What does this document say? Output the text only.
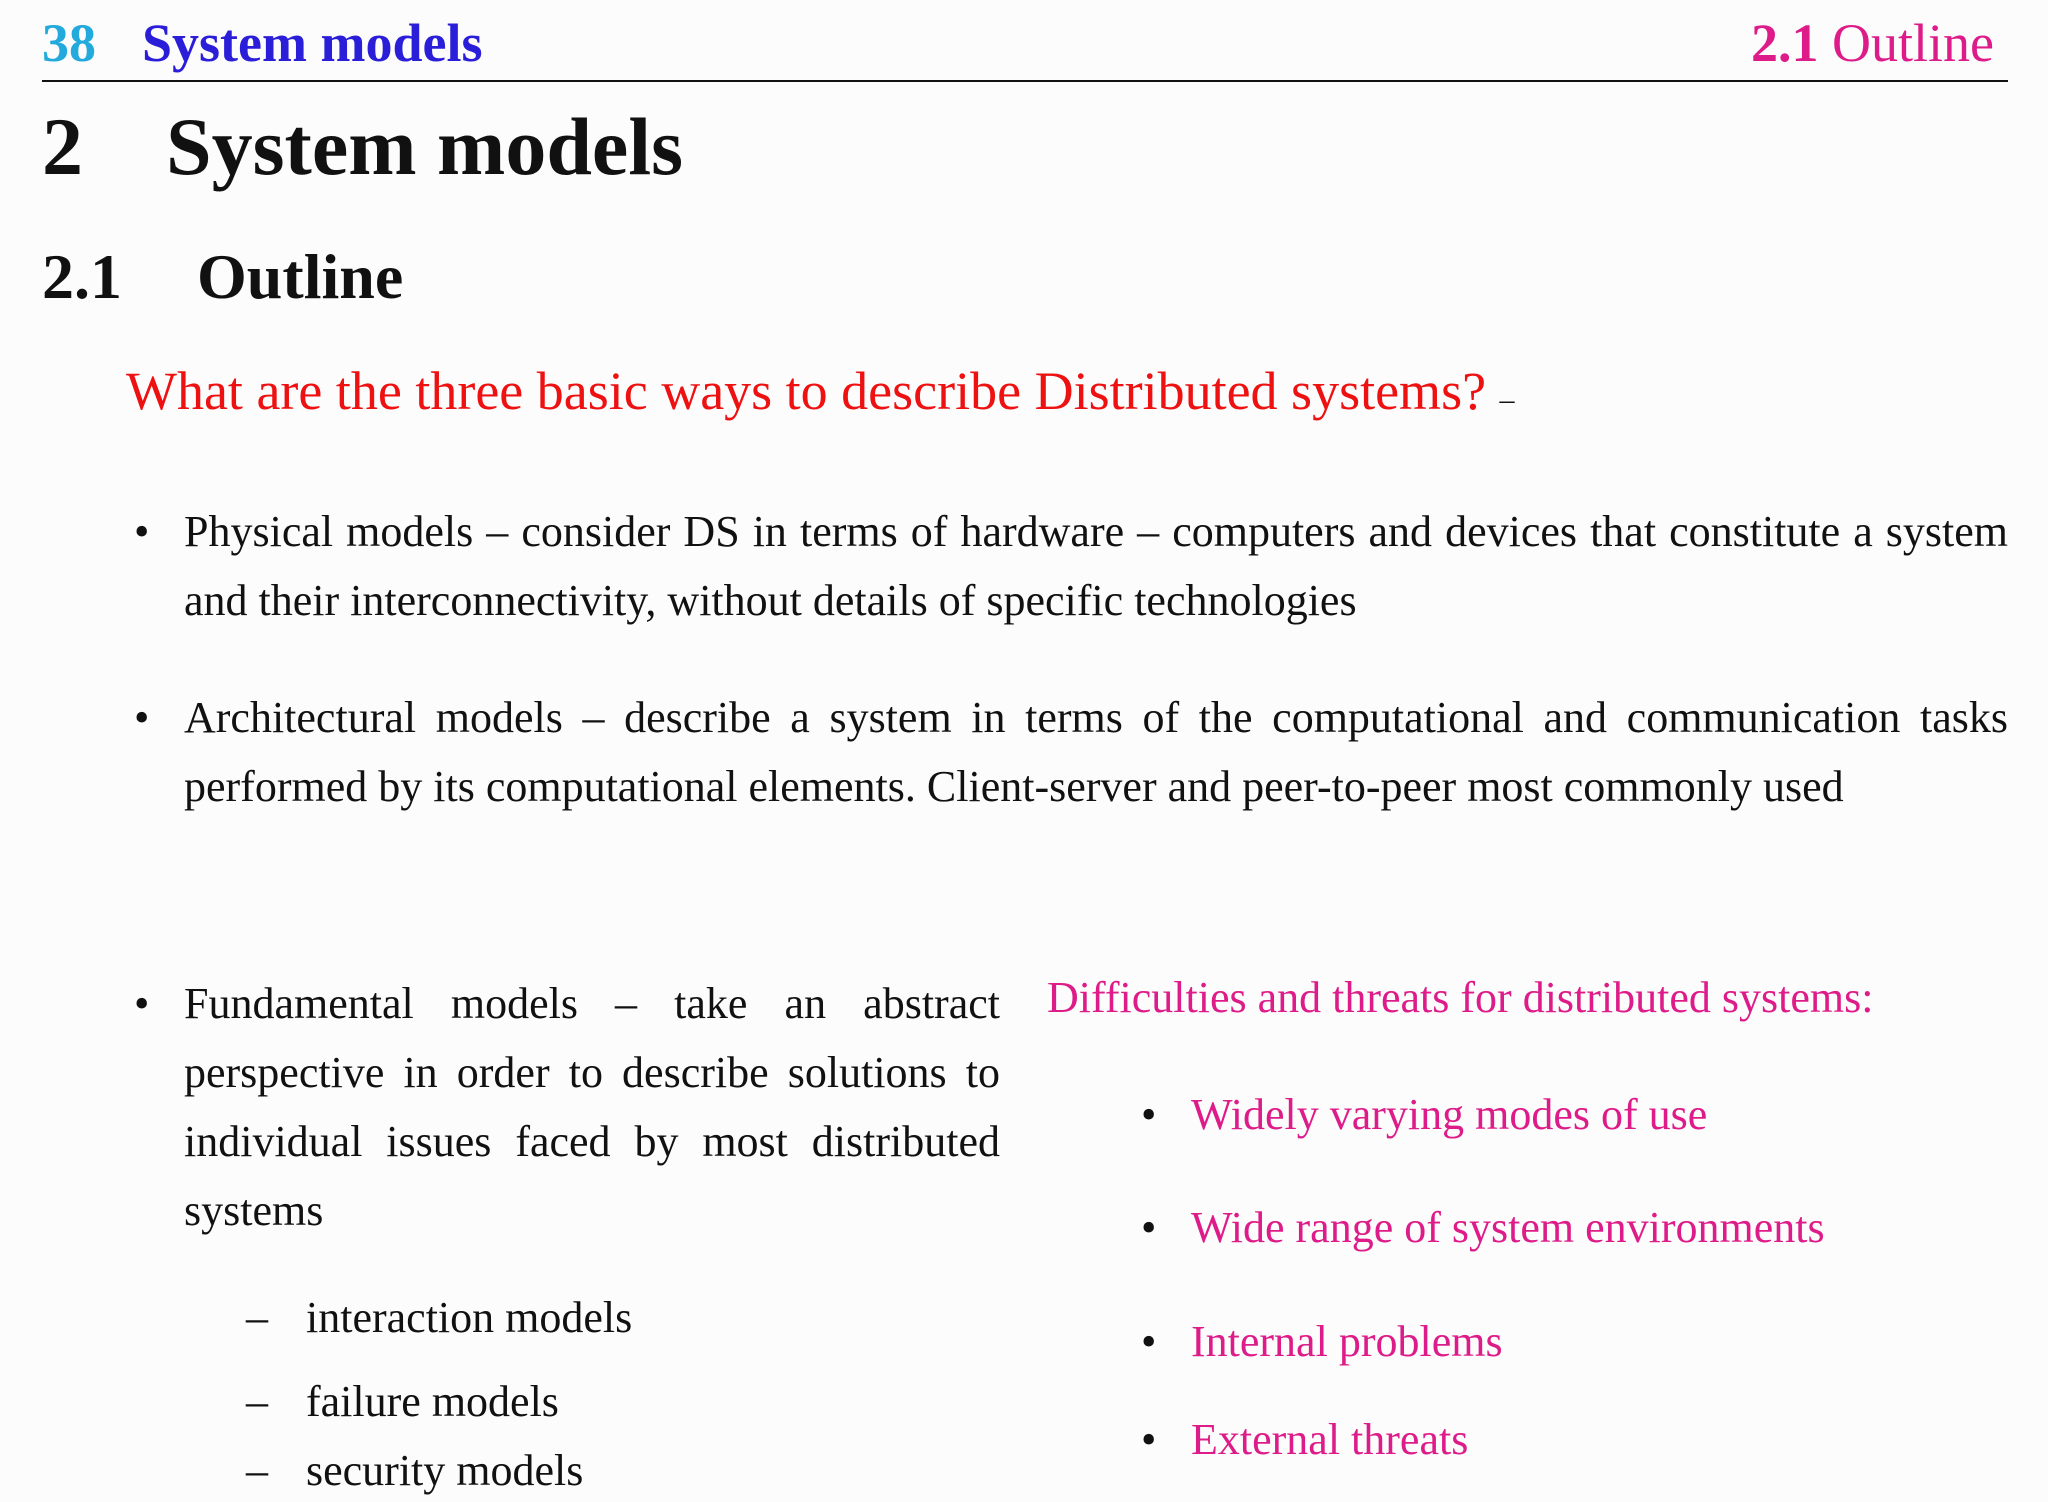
38 System models	2.1 Outline
2 System models
2.1 Outline
What are the three basic ways to describe Distributed systems? –
• Physical models – consider DS in terms of hardware – computers and devices that constitute a system and their interconnectivity, without details of specific technologies
• Architectural models – describe a system in terms of the computational and communication tasks performed by its computational elements. Client-server and peer-to-peer most commonly used
• Fundamental models – take an abstract perspective in order to describe solutions to individual issues faced by most distributed systems
– interaction models
– failure models
– security models
Difficulties and threats for distributed systems:
• Widely varying modes of use
• Wide range of system environments
• Internal problems
• External threats
